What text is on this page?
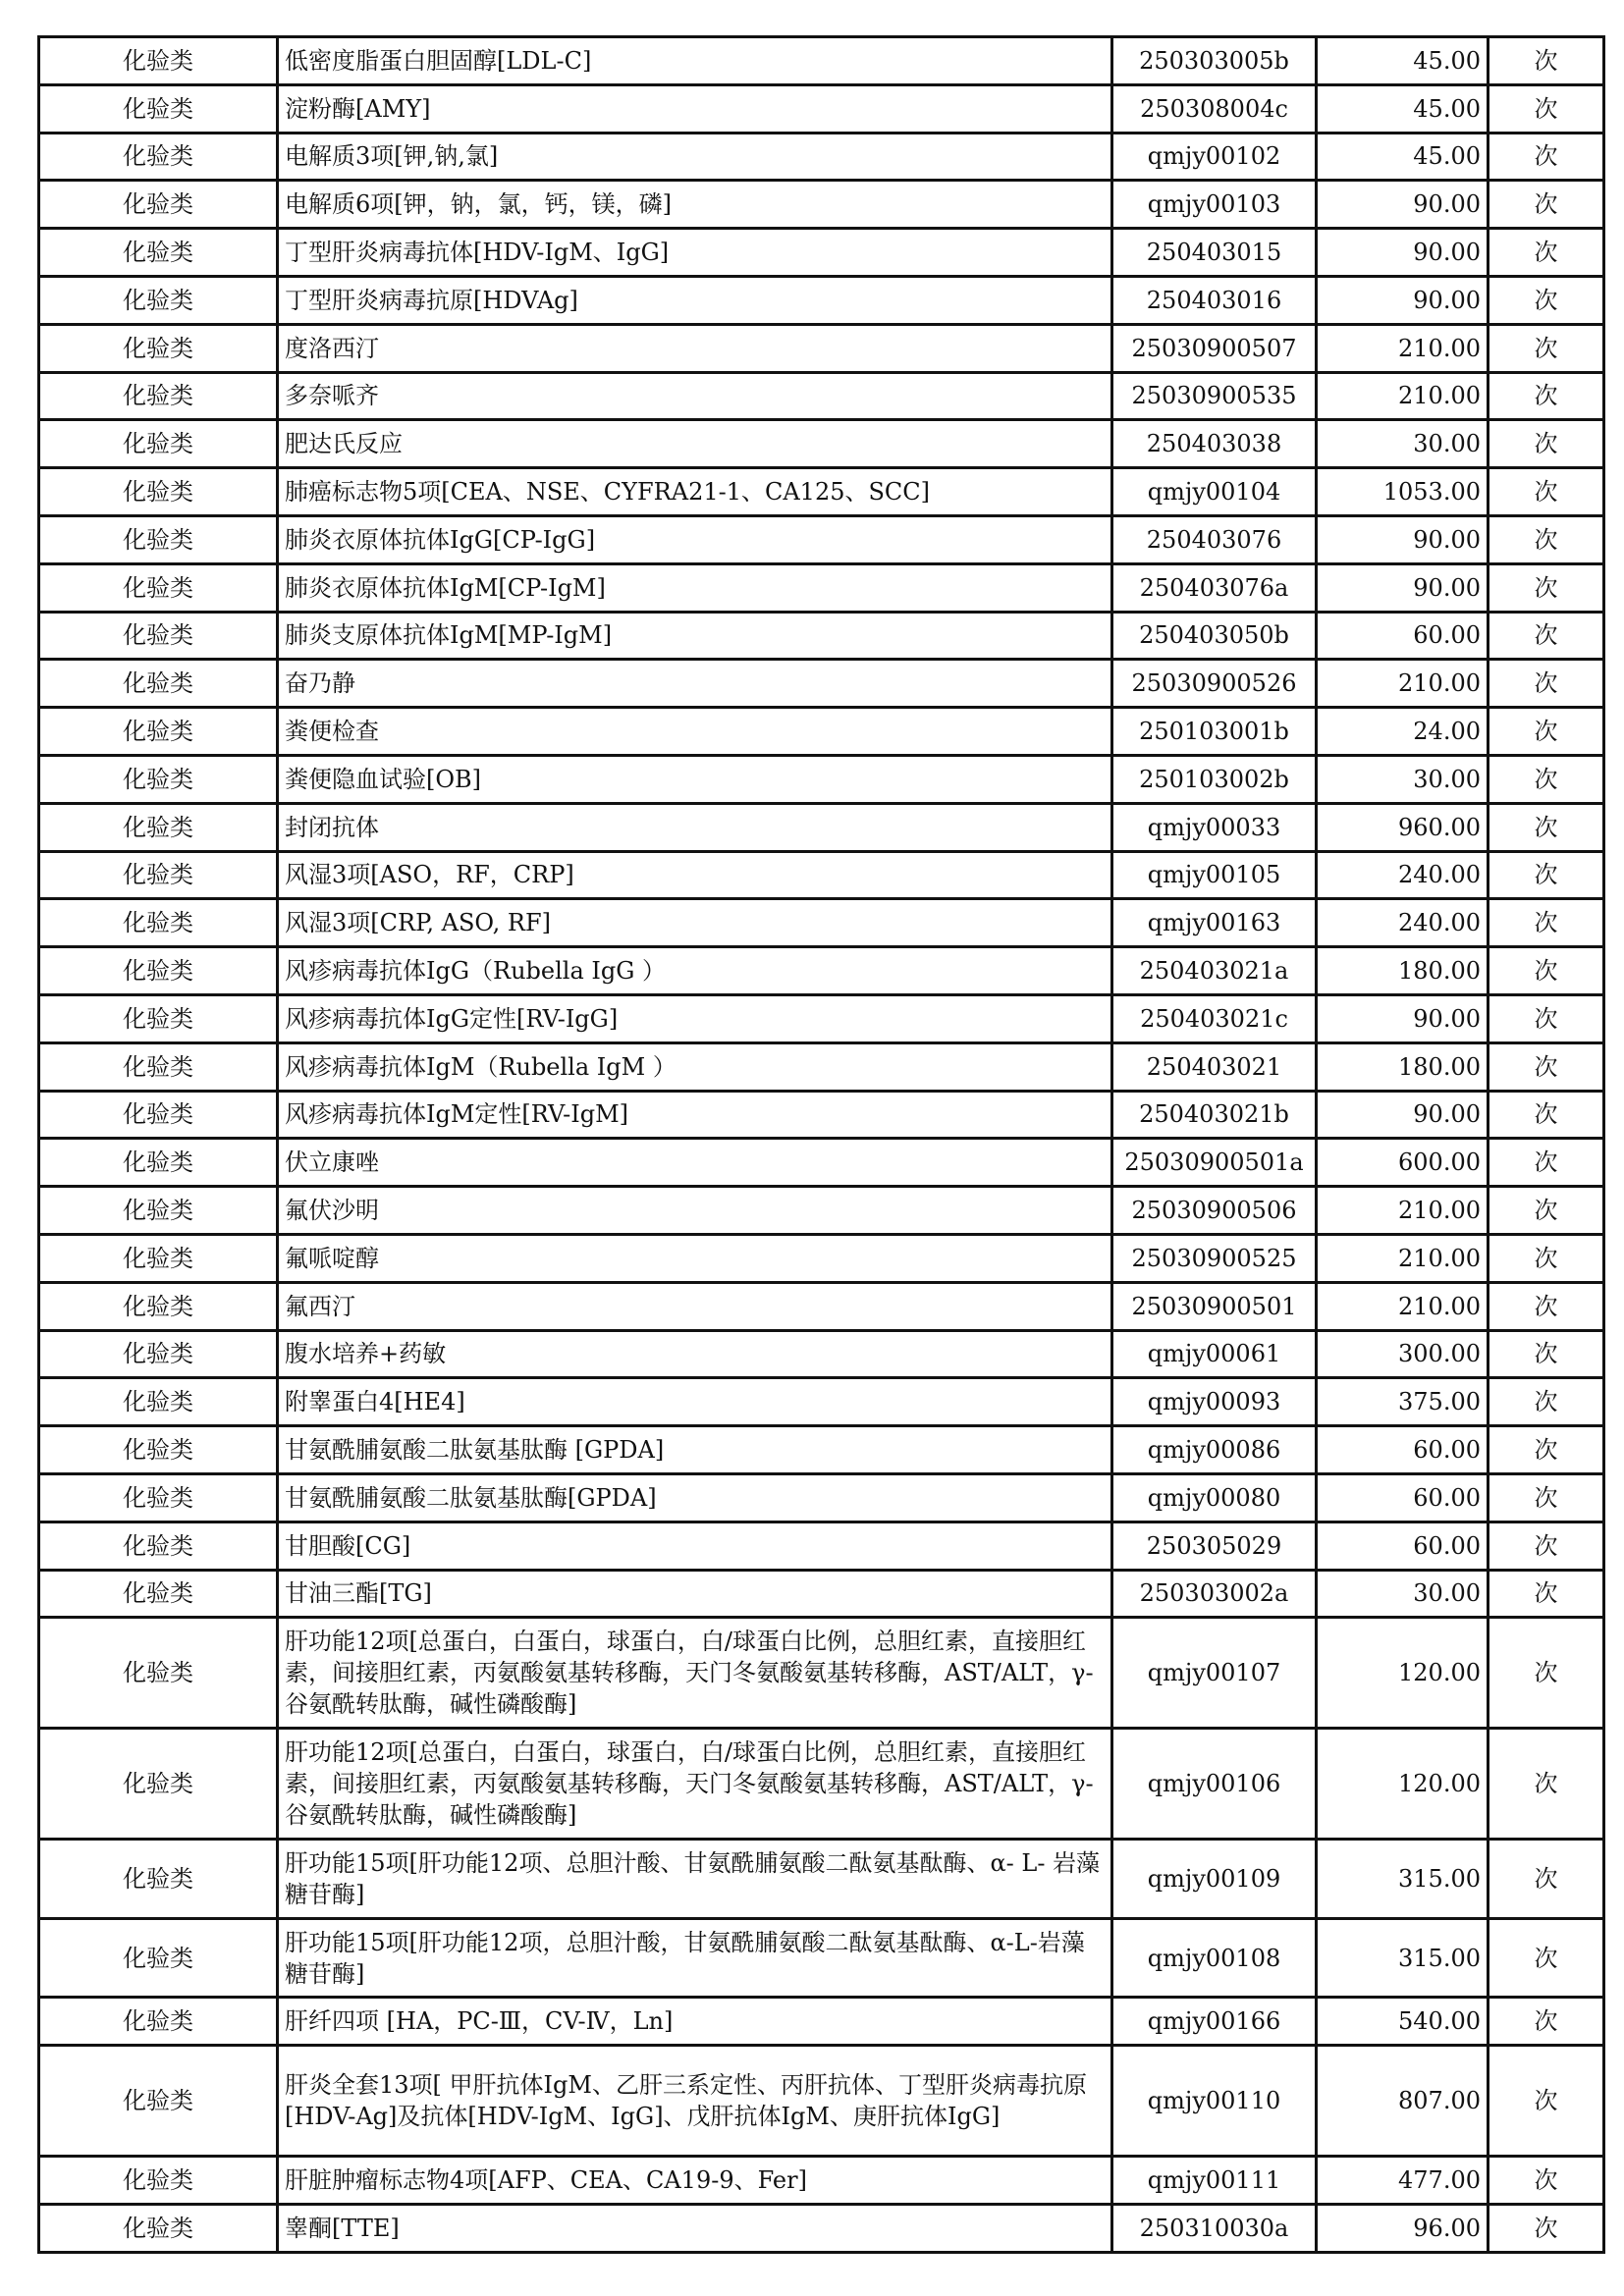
化验类	低密度脂蛋白胆固醇[LDL-C]	250303005b	45.00	次
化验类	淀粉酶[AMY]	250308004c	45.00	次
化验类	电解质3项[钾,钠,氯]	qmjy00102	45.00	次
化验类	电解质6项[钾，钠，氯，钙，镁，磷]	qmjy00103	90.00	次
化验类	丁型肝炎病毒抗体[HDV-IgM、IgG]	250403015	90.00	次
化验类	丁型肝炎病毒抗原[HDVAg]	250403016	90.00	次
化验类	度洛西汀	25030900507	210.00	次
化验类	多奈哌齐	25030900535	210.00	次
化验类	肥达氏反应	250403038	30.00	次
化验类	肺癌标志物5项[CEA、NSE、CYFRA21-1、CA125、SCC]	qmjy00104	1053.00	次
化验类	肺炎衣原体抗体IgG[CP-IgG]	250403076	90.00	次
化验类	肺炎衣原体抗体IgM[CP-IgM]	250403076a	90.00	次
化验类	肺炎支原体抗体IgM[MP-IgM]	250403050b	60.00	次
化验类	奋乃静	25030900526	210.00	次
化验类	粪便检查	250103001b	24.00	次
化验类	粪便隐血试验[OB]	250103002b	30.00	次
化验类	封闭抗体	qmjy00033	960.00	次
化验类	风湿3项[ASO，RF，CRP]	qmjy00105	240.00	次
化验类	风湿3项[CRP, ASO, RF]	qmjy00163	240.00	次
化验类	风疹病毒抗体IgG（Rubella IgG ）	250403021a	180.00	次
化验类	风疹病毒抗体IgG定性[RV-IgG]	250403021c	90.00	次
化验类	风疹病毒抗体IgM（Rubella IgM ）	250403021	180.00	次
化验类	风疹病毒抗体IgM定性[RV-IgM]	250403021b	90.00	次
化验类	伏立康唑	25030900501a	600.00	次
化验类	氟伏沙明	25030900506	210.00	次
化验类	氟哌啶醇	25030900525	210.00	次
化验类	氟西汀	25030900501	210.00	次
化验类	腹水培养+药敏	qmjy00061	300.00	次
化验类	附睾蛋白4[HE4]	qmjy00093	375.00	次
化验类	甘氨酰脯氨酸二肽氨基肽酶 [GPDA]	qmjy00086	60.00	次
化验类	甘氨酰脯氨酸二肽氨基肽酶[GPDA]	qmjy00080	60.00	次
化验类	甘胆酸[CG]	250305029	60.00	次
化验类	甘油三酯[TG]	250303002a	30.00	次
化验类	肝功能12项[总蛋白，白蛋白，球蛋白，白/球蛋白比例，总胆红素，直接胆红素，间接胆红素，丙氨酸氨基转移酶，天门冬氨酸氨基转移酶，AST/ALT，γ- 谷氨酰转肽酶，碱性磷酸酶]	qmjy00107	120.00	次
化验类	肝功能12项[总蛋白，白蛋白，球蛋白，白/球蛋白比例，总胆红素，直接胆红素，间接胆红素，丙氨酸氨基转移酶，天门冬氨酸氨基转移酶，AST/ALT，γ- 谷氨酰转肽酶，碱性磷酸酶]	qmjy00106	120.00	次
化验类	肝功能15项[肝功能12项、总胆汁酸、甘氨酰脯氨酸二酞氨基酞酶、α- L- 岩藻糖苷酶]	qmjy00109	315.00	次
化验类	肝功能15项[肝功能12项，总胆汁酸，甘氨酰脯氨酸二酞氨基酞酶、α-L-岩藻糖苷酶]	qmjy00108	315.00	次
化验类	肝纤四项 [HA，PC-Ⅲ，CV-Ⅳ，Ln]	qmjy00166	540.00	次
化验类	肝炎全套13项[ 甲肝抗体IgM、乙肝三系定性、丙肝抗体、丁型肝炎病毒抗原[HDV-Ag]及抗体[HDV-IgM、IgG]、戊肝抗体IgM、庚肝抗体IgG]	qmjy00110	807.00	次
化验类	肝脏肿瘤标志物4项[AFP、CEA、CA19-9、Fer]	qmjy00111	477.00	次
化验类	睾酮[TTE]	250310030a	96.00	次
